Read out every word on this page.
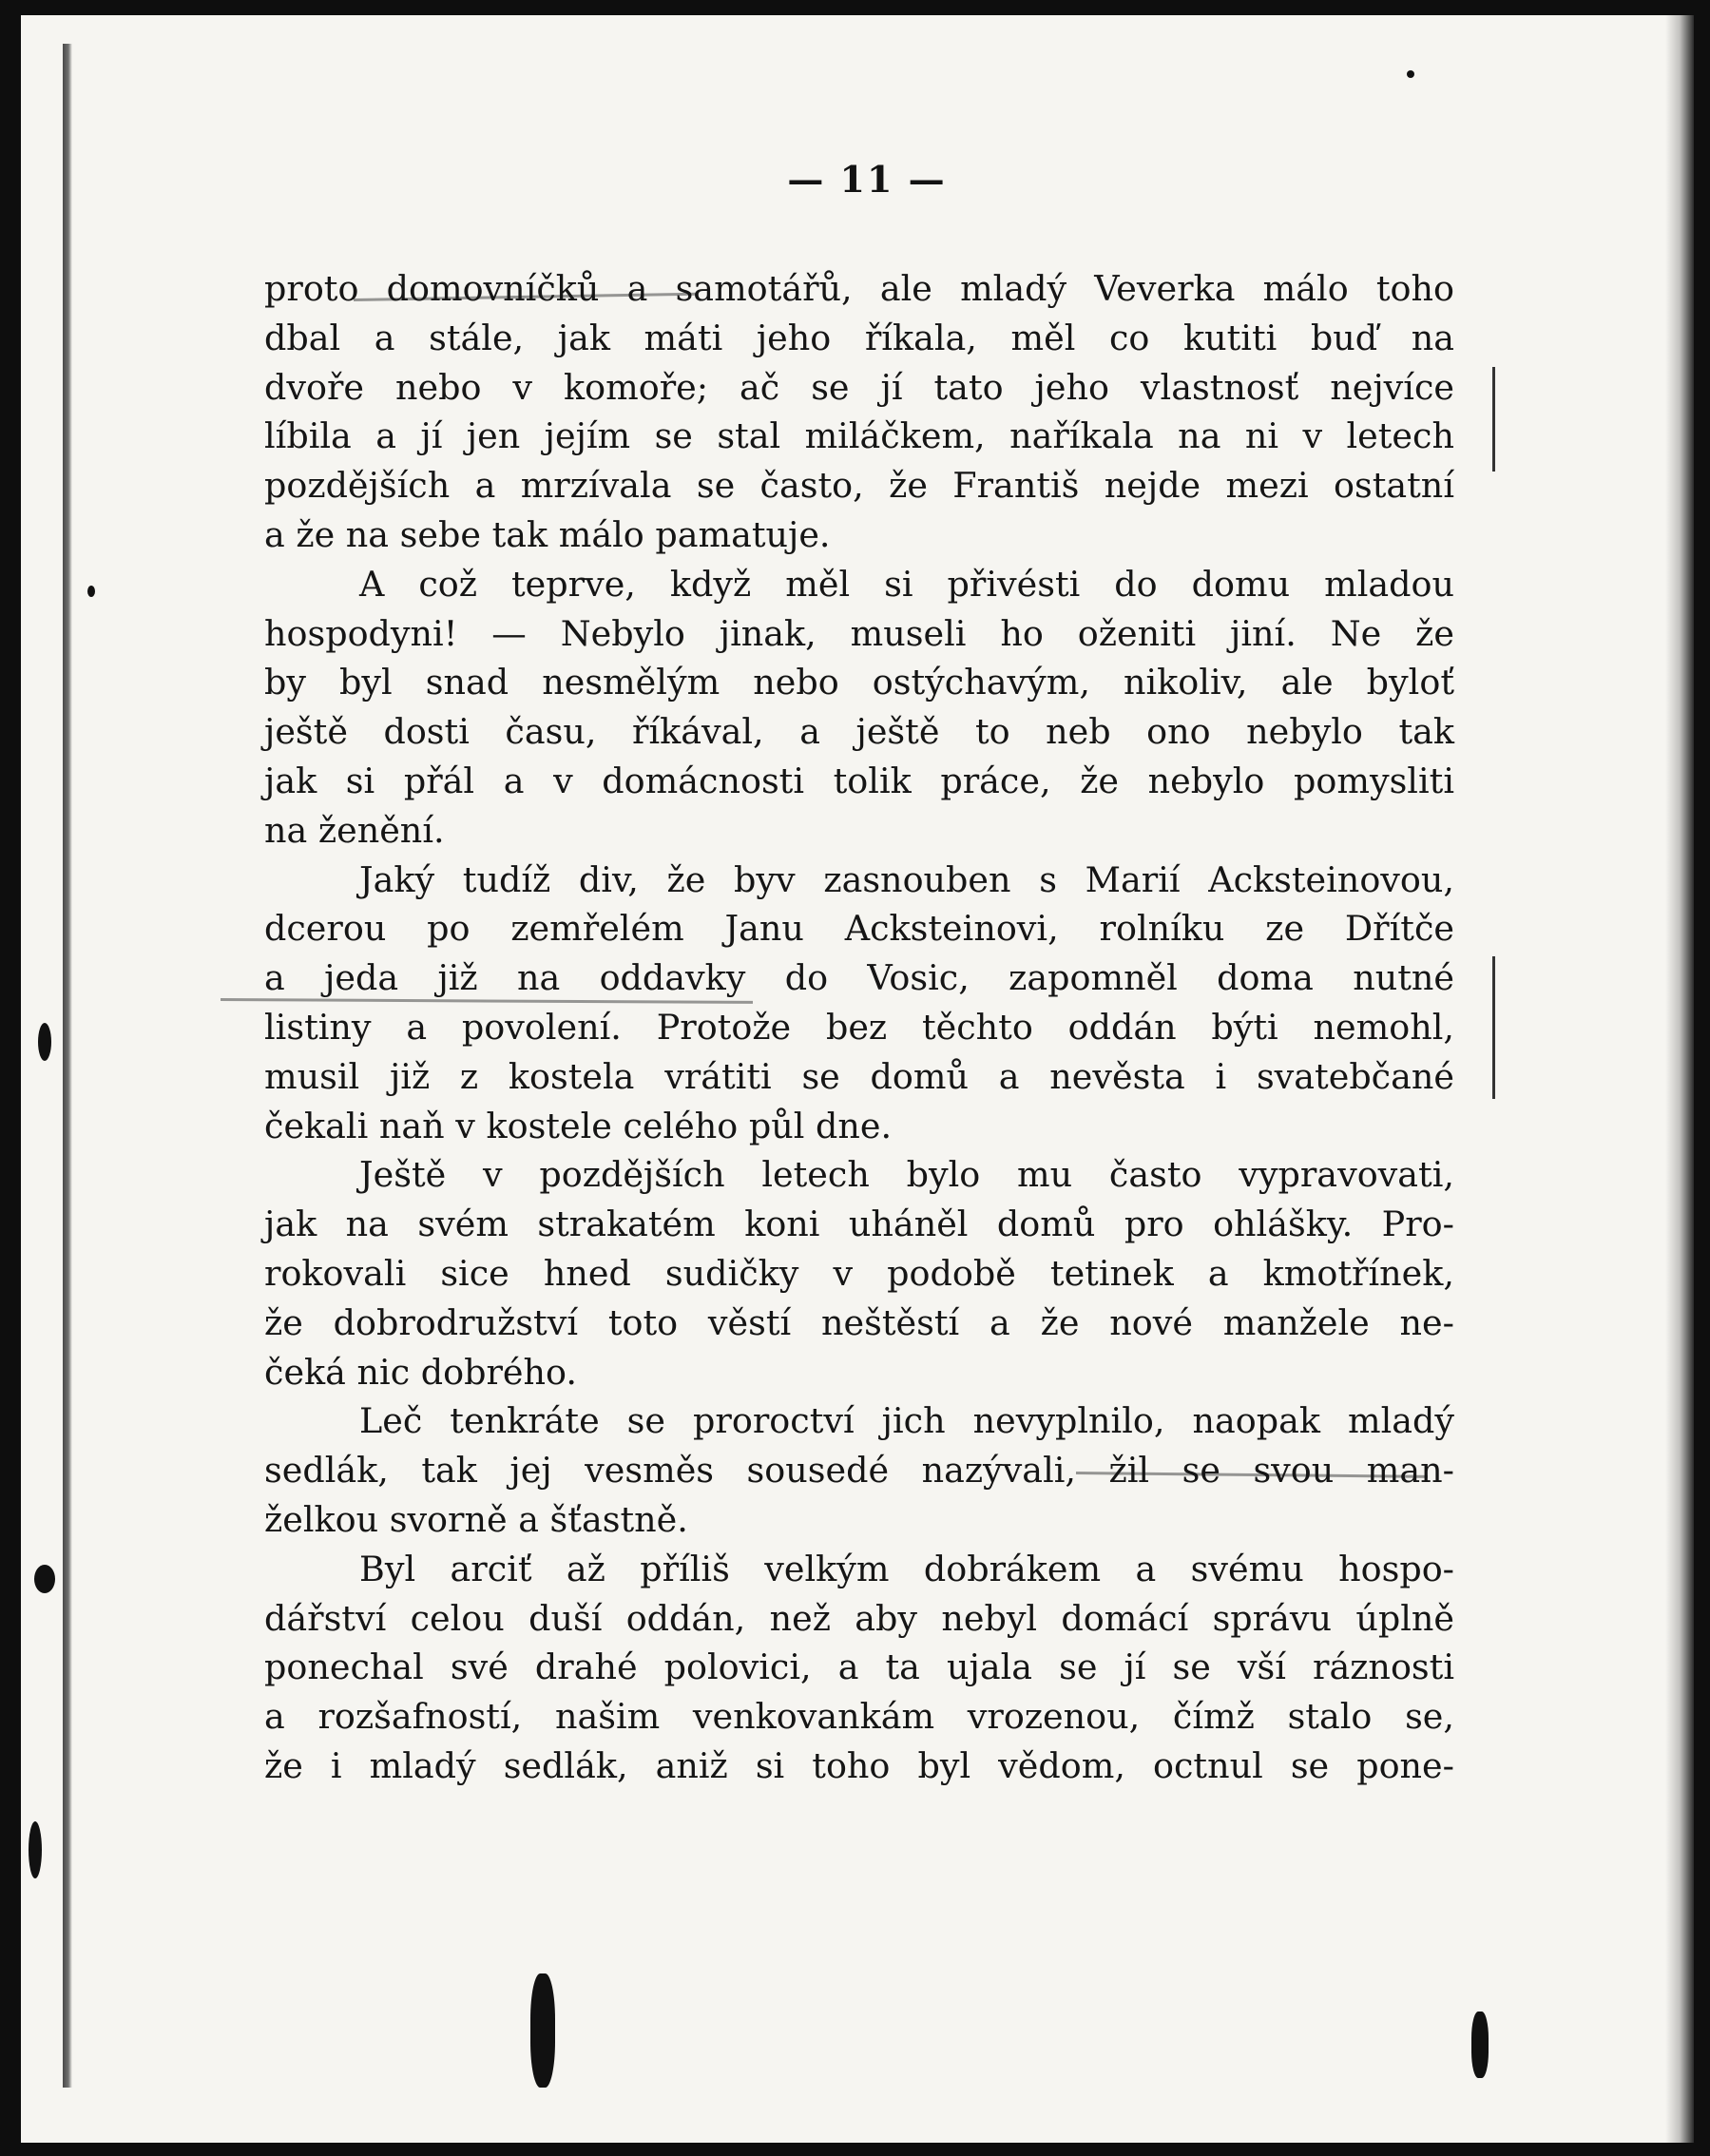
— 11 —
proto domovníčků a samotářů, ale mladý Veverka málo toho
dbal a stále, jak máti jeho říkala, měl co kutiti buď na
dvoře nebo v komoře; ač se jí tato jeho vlastnosť nejvíce
líbila a jí jen jejím se stal miláčkem, naříkala na ni v letech
pozdějších a mrzívala se často, že Františ nejde mezi ostatní
a že na sebe tak málo pamatuje.
A což teprve, když měl si přivésti do domu mladou
hospodyni! — Nebylo jinak, museli ho oženiti jiní. Ne že
by byl snad nesmělým nebo ostýchavým, nikoliv, ale bylоť
ještě dosti času, říkával, a ještě to neb ono nebylo tak
jak si přál a v domácnosti tolik práce, že nebylo pomysliti
na ženění.
Jaký tudíž div, že byv zasnouben s Marií Acksteinovou,
dcerou po zemřelém Janu Acksteinovi, rolníku ze Dřítče
a jeda již na oddavky do Vosic, zapomněl doma nutné
listiny a povolení. Protože bez těchto oddán býti nemohl,
musil již z kostela vrátiti se domů a nevěsta i svatebčané
čekali naň v kostele celého půl dne.
Ještě v pozdějších letech bylo mu často vypravovati,
jak na svém strakatém koni uháněl domů pro ohlášky. Pro-
rokovali sice hned sudičky v podobě tetinek a kmotřínek,
že dobrodružství toto věstí neštěstí a že nové manžele ne-
čeká nic dobrého.
Leč tenkráte se proroctví jich nevyplnilo, naopak mladý
sedlák, tak jej vesměs sousedé nazývali, žil se svou man-
želkou svorně a šťastně.
Byl arciť až příliš velkým dobrákem a svému hospo-
dářství celou duší oddán, než aby nebyl domácí správu úplně
ponechal své drahé polovici, a ta ujala se jí se vší ráznosti
a rozšafností, našim venkovankám vrozenou, čímž stalo se,
že i mladý sedlák, aniž si toho byl vědom, octnul se pone-
